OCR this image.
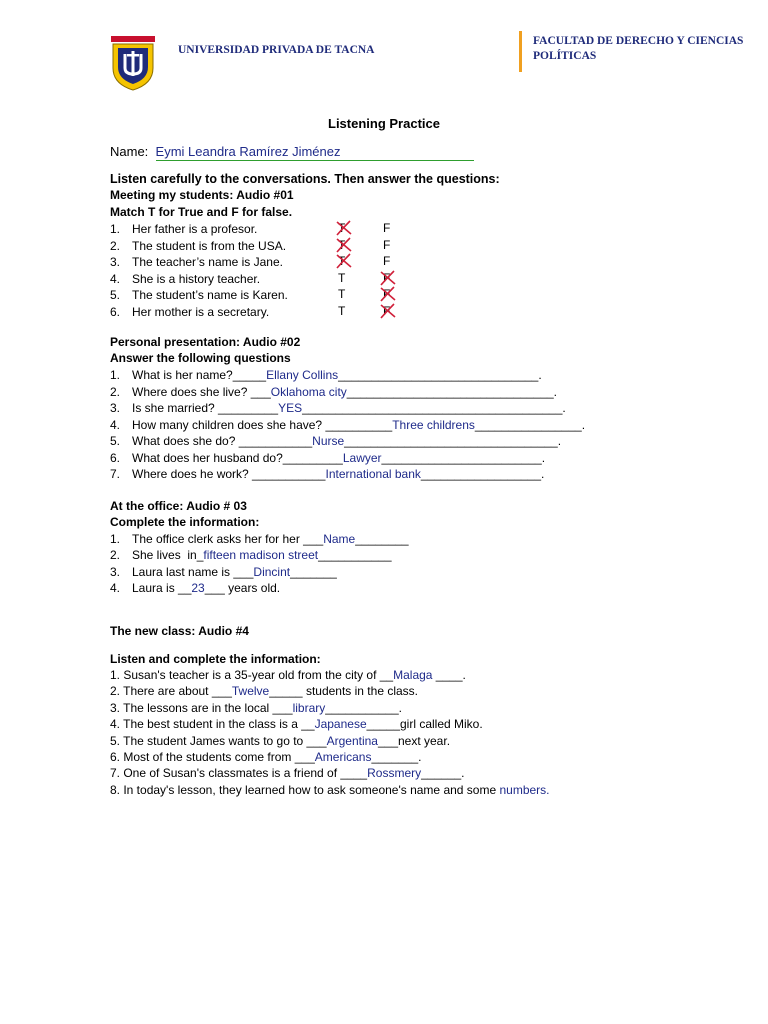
UNIVERSIDAD PRIVADA DE TACNA
FACULTAD DE DERECHO Y CIENCIAS POLÍTICAS
Listening Practice
Name: Eymi Leandra Ramírez Jiménez
Listen carefully to the conversations. Then answer the questions:
Meeting my students: Audio #01
Match T for True and F for false.
1. Her father is a profesor.	T	F
2. The student is from the USA.	T	F
3. The teacher’s name is Jane.	T	F
4. She is a history teacher.	T	F
5. The student’s name is Karen.	T	F
6. Her mother is a secretary.	T	F
Personal presentation: Audio #02
Answer the following questions
1. What is her name?_____Ellany Collins______________________________.
2. Where does she live? ___Oklahoma city_______________________________.
3. Is she married? _________YES_______________________________________.
4. How many children does she have? __________Three childrens________________.
5. What does she do? ___________Nurse________________________________.
6. What does her husband do?_________Lawyer________________________.
7. Where does he work? ___________International bank__________________.
At the office: Audio # 03
Complete the information:
1. The office clerk asks her for her ___Name________
2. She lives  in_fifteen madison street___________
3. Laura last name is ___Dincint_______
4. Laura is __23___ years old.
The new class: Audio #4
Listen and complete the information:
1. Susan's teacher is a 35-year old from the city of __Malaga ____.
2. There are about ___Twelve_____ students in the class.
3. The lessons are in the local ___library___________.
4. The best student in the class is a __Japanese_____girl called Miko.
5. The student James wants to go to ___Argentina___next year.
6. Most of the students come from ___Americans_______.
7. One of Susan's classmates is a friend of ____Rossmery______.
8. In today's lesson, they learned how to ask someone's name and some numbers.
